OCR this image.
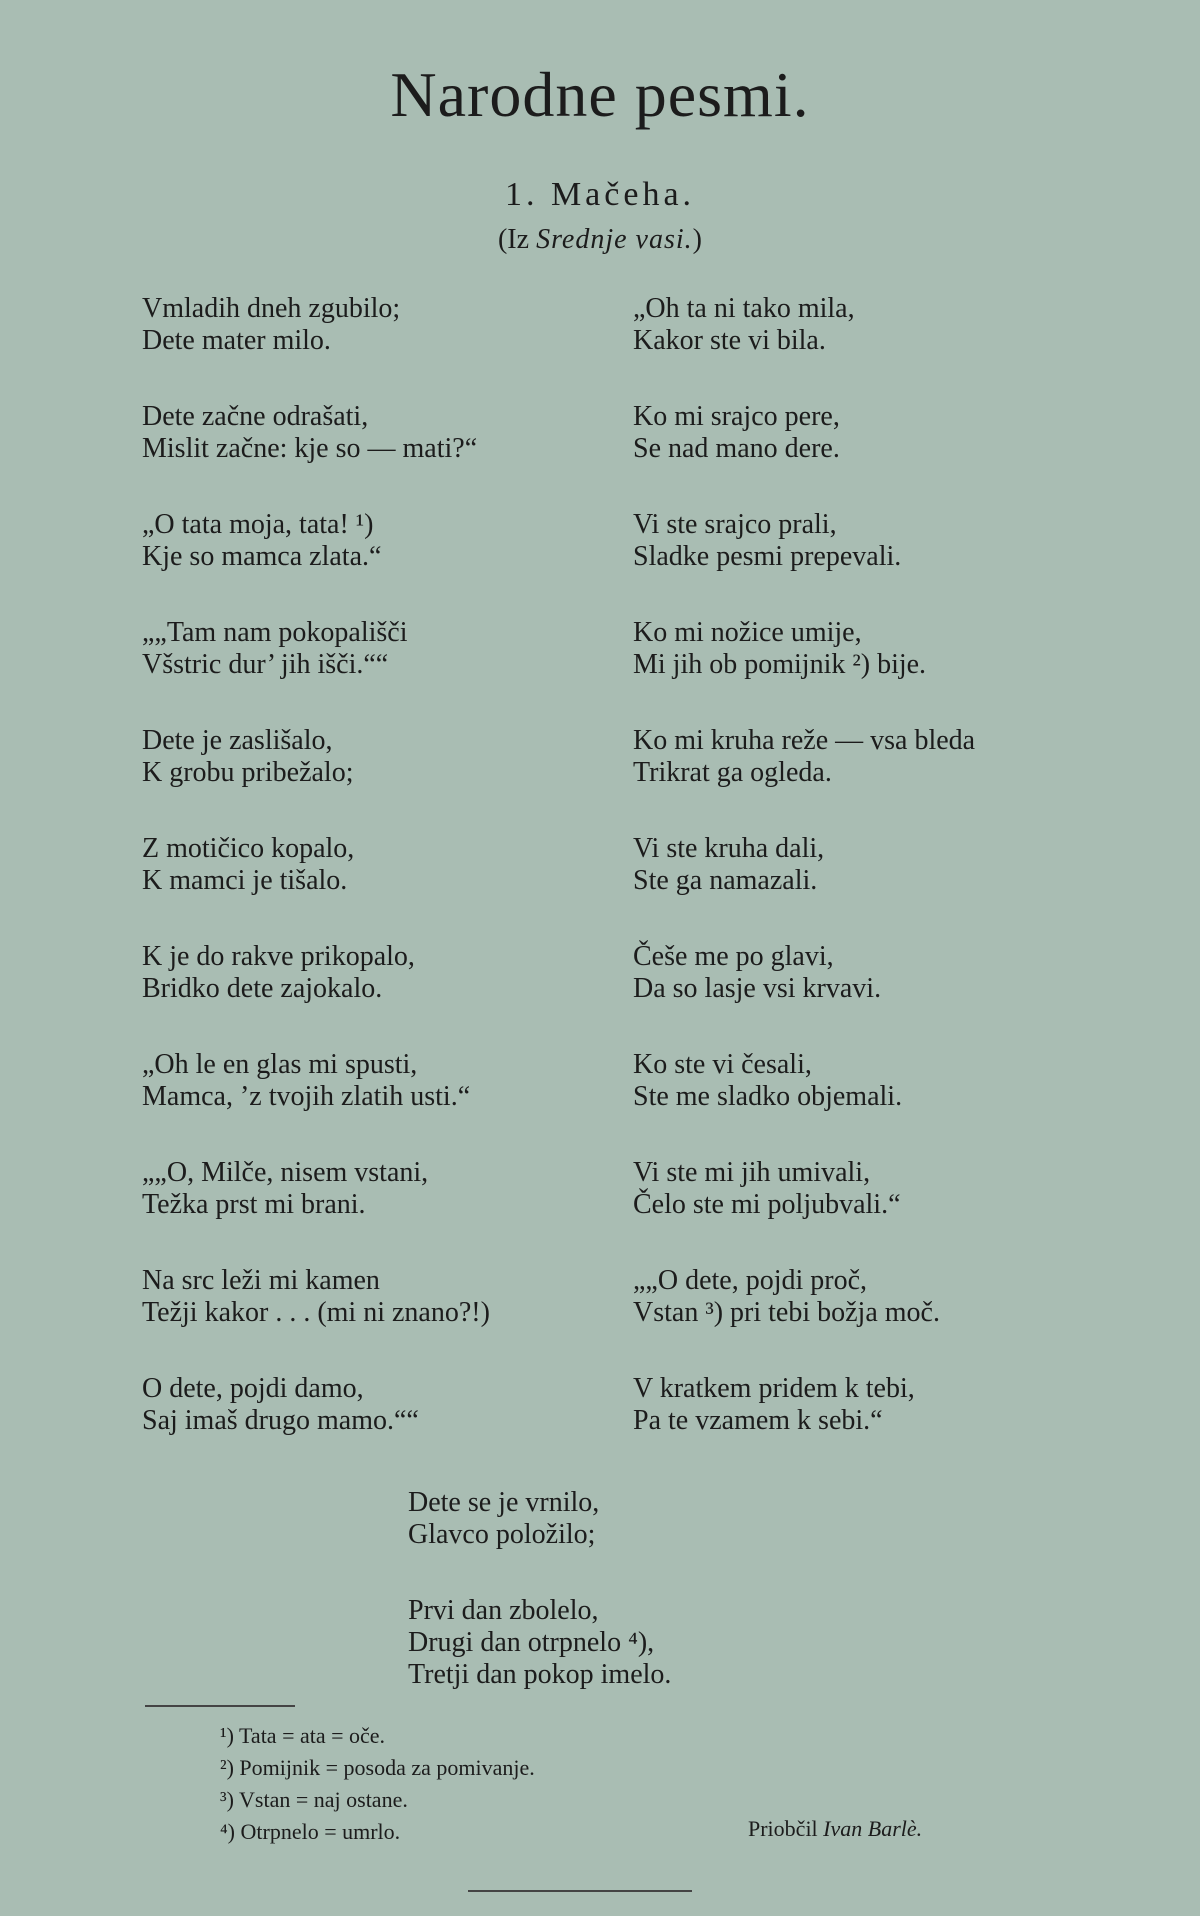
Narodne pesmi.
1. Mačeha.
(Iz Srednje vasi.)
Vmladih dneh zgubilo;
Dete mater milo.
Dete začne odrašati,
Mislit začne: kje so — mati?“
„O tata moja, tata! ¹)
Kje so mamca zlata.“
„„Tam nam pokopališči
Všstric dur’ jih išči.““
Dete je zaslišalo,
K grobu pribežalo;
Z motičico kopalo,
K mamci je tišalo.
K je do rakve prikopalo,
Bridko dete zajokalo.
„Oh le en glas mi spusti,
Mamca, ’z tvojih zlatih usti.“
„„O, Milče, nisem vstani,
Težka prst mi brani.
Na src leži mi kamen
Težji kakor . . . (mi ni znano?!)
O dete, pojdi damo,
Saj imaš drugo mamo.““
„Oh ta ni tako mila,
Kakor ste vi bila.
Ko mi srajco pere,
Se nad mano dere.
Vi ste srajco prali,
Sladke pesmi prepevali.
Ko mi nožice umije,
Mi jih ob pomijnik ²) bije.
Ko mi kruha reže — vsa bleda
Trikrat ga ogleda.
Vi ste kruha dali,
Ste ga namazali.
Češe me po glavi,
Da so lasje vsi krvavi.
Ko ste vi česali,
Ste me sladko objemali.
Vi ste mi jih umivali,
Čelo ste mi poljubvali.“
„„O dete, pojdi proč,
Vstan ³) pri tebi božja moč.
V kratkem pridem k tebi,
Pa te vzamem k sebi.“
Dete se je vrnilo,
Glavco položilo;
Prvi dan zbolelo,
Drugi dan otrpnelo ⁴),
Tretji dan pokop imelo.
¹) Tata = ata = oče.
²) Pomijnik = posoda za pomivanje.
³) Vstan = naj ostane.
⁴) Otrpnelo = umrlo.	Priobčil Ivan Barlè.
